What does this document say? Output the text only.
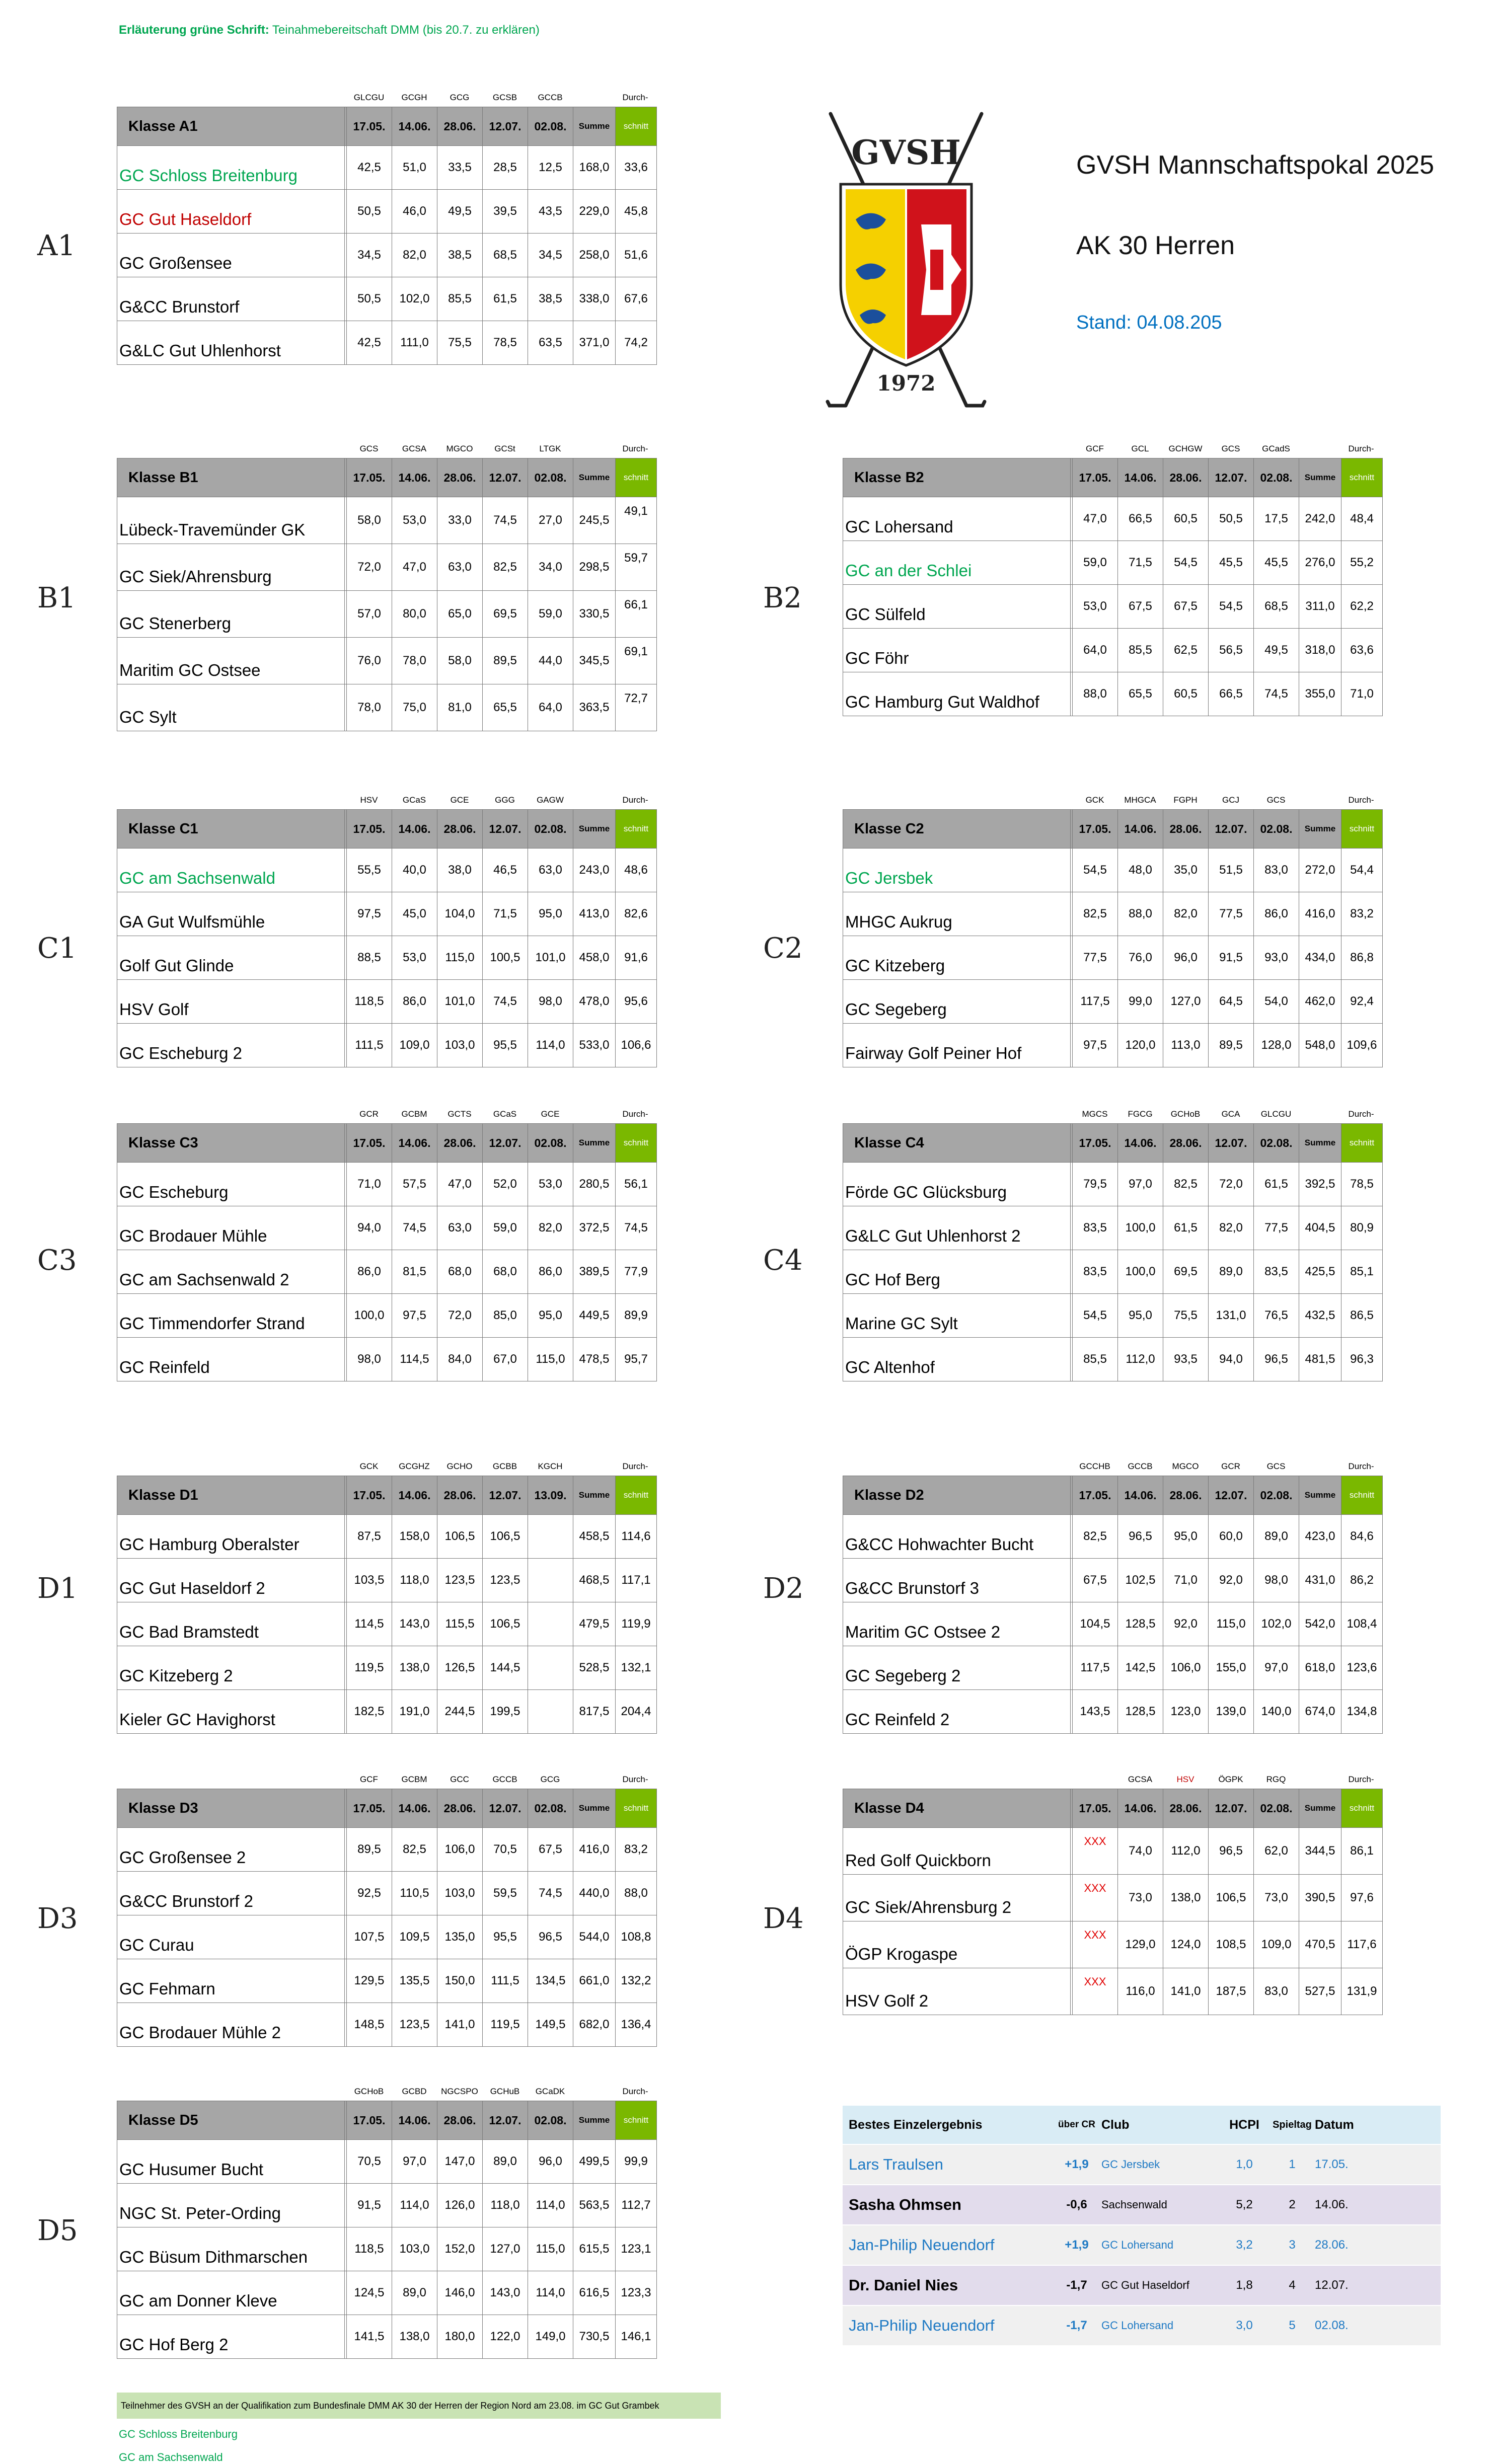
Erläuterung grüne Schrift: Teinahmebereitschaft DMM (bis 20.7. zu erklären)
GVSH
1972
GVSH Mannschaftspokal 2025
AK 30 Herren
Stand: 04.08.205
A1
B1	B2
C1	C2
C3	C4
D1	D2
D3	D4
D5
GLCGU	GCGH	GCG	GCSB	GCCB	Durch-
Klasse A1		17.05.	14.06.	28.06.	12.07.	02.08.	Summe	schnitt
GC Schloss Breitenburg		42,5	51,0	33,5	28,5	12,5	168,0	33,6
GC Gut Haseldorf		50,5	46,0	49,5	39,5	43,5	229,0	45,8
GC Großensee		34,5	82,0	38,5	68,5	34,5	258,0	51,6
G&CC Brunstorf		50,5	102,0	85,5	61,5	38,5	338,0	67,6
G&LC Gut Uhlenhorst		42,5	111,0	75,5	78,5	63,5	371,0	74,2
GCS	GCSA	MGCO	GCSt	LTGK	Durch-
Klasse B1		17.05.	14.06.	28.06.	12.07.	02.08.	Summe	schnitt
Lübeck-Travemünder GK		58,0	53,0	33,0	74,5	27,0	245,5	49,1
GC Siek/Ahrensburg		72,0	47,0	63,0	82,5	34,0	298,5	59,7
GC Stenerberg		57,0	80,0	65,0	69,5	59,0	330,5	66,1
Maritim GC Ostsee		76,0	78,0	58,0	89,5	44,0	345,5	69,1
GC Sylt		78,0	75,0	81,0	65,5	64,0	363,5	72,7
GCF	GCL	GCHGW	GCS	GCadS	Durch-
Klasse B2		17.05.	14.06.	28.06.	12.07.	02.08.	Summe	schnitt
GC Lohersand		47,0	66,5	60,5	50,5	17,5	242,0	48,4
GC an der Schlei		59,0	71,5	54,5	45,5	45,5	276,0	55,2
GC Sülfeld		53,0	67,5	67,5	54,5	68,5	311,0	62,2
GC Föhr		64,0	85,5	62,5	56,5	49,5	318,0	63,6
GC Hamburg Gut Waldhof		88,0	65,5	60,5	66,5	74,5	355,0	71,0
HSV	GCaS	GCE	GGG	GAGW	Durch-
Klasse C1		17.05.	14.06.	28.06.	12.07.	02.08.	Summe	schnitt
GC am Sachsenwald		55,5	40,0	38,0	46,5	63,0	243,0	48,6
GA Gut Wulfsmühle		97,5	45,0	104,0	71,5	95,0	413,0	82,6
Golf Gut Glinde		88,5	53,0	115,0	100,5	101,0	458,0	91,6
HSV Golf		118,5	86,0	101,0	74,5	98,0	478,0	95,6
GC Escheburg 2		111,5	109,0	103,0	95,5	114,0	533,0	106,6
GCK	MHGCA	FGPH	GCJ	GCS	Durch-
Klasse C2		17.05.	14.06.	28.06.	12.07.	02.08.	Summe	schnitt
GC Jersbek		54,5	48,0	35,0	51,5	83,0	272,0	54,4
MHGC Aukrug		82,5	88,0	82,0	77,5	86,0	416,0	83,2
GC Kitzeberg		77,5	76,0	96,0	91,5	93,0	434,0	86,8
GC Segeberg		117,5	99,0	127,0	64,5	54,0	462,0	92,4
Fairway Golf Peiner Hof		97,5	120,0	113,0	89,5	128,0	548,0	109,6
GCR	GCBM	GCTS	GCaS	GCE	Durch-
Klasse C3		17.05.	14.06.	28.06.	12.07.	02.08.	Summe	schnitt
GC Escheburg		71,0	57,5	47,0	52,0	53,0	280,5	56,1
GC Brodauer Mühle		94,0	74,5	63,0	59,0	82,0	372,5	74,5
GC am Sachsenwald 2		86,0	81,5	68,0	68,0	86,0	389,5	77,9
GC Timmendorfer Strand		100,0	97,5	72,0	85,0	95,0	449,5	89,9
GC Reinfeld		98,0	114,5	84,0	67,0	115,0	478,5	95,7
MGCS	FGCG	GCHoB	GCA	GLCGU	Durch-
Klasse C4		17.05.	14.06.	28.06.	12.07.	02.08.	Summe	schnitt
Förde GC Glücksburg		79,5	97,0	82,5	72,0	61,5	392,5	78,5
G&LC Gut Uhlenhorst 2		83,5	100,0	61,5	82,0	77,5	404,5	80,9
GC Hof Berg		83,5	100,0	69,5	89,0	83,5	425,5	85,1
Marine GC Sylt		54,5	95,0	75,5	131,0	76,5	432,5	86,5
GC Altenhof		85,5	112,0	93,5	94,0	96,5	481,5	96,3
GCK	GCGHZ	GCHO	GCBB	KGCH	Durch-
Klasse D1		17.05.	14.06.	28.06.	12.07.	13.09.	Summe	schnitt
GC Hamburg Oberalster		87,5	158,0	106,5	106,5		458,5	114,6
GC Gut Haseldorf 2		103,5	118,0	123,5	123,5		468,5	117,1
GC Bad Bramstedt		114,5	143,0	115,5	106,5		479,5	119,9
GC Kitzeberg 2		119,5	138,0	126,5	144,5		528,5	132,1
Kieler GC Havighorst		182,5	191,0	244,5	199,5		817,5	204,4
GCCHB	GCCB	MGCO	GCR	GCS	Durch-
Klasse D2		17.05.	14.06.	28.06.	12.07.	02.08.	Summe	schnitt
G&CC Hohwachter Bucht		82,5	96,5	95,0	60,0	89,0	423,0	84,6
G&CC Brunstorf 3		67,5	102,5	71,0	92,0	98,0	431,0	86,2
Maritim GC Ostsee 2		104,5	128,5	92,0	115,0	102,0	542,0	108,4
GC Segeberg 2		117,5	142,5	106,0	155,0	97,0	618,0	123,6
GC Reinfeld 2		143,5	128,5	123,0	139,0	140,0	674,0	134,8
GCF	GCBM	GCC	GCCB	GCG	Durch-
Klasse D3		17.05.	14.06.	28.06.	12.07.	02.08.	Summe	schnitt
GC Großensee 2		89,5	82,5	106,0	70,5	67,5	416,0	83,2
G&CC Brunstorf 2		92,5	110,5	103,0	59,5	74,5	440,0	88,0
GC Curau		107,5	109,5	135,0	95,5	96,5	544,0	108,8
GC Fehmarn		129,5	135,5	150,0	111,5	134,5	661,0	132,2
GC Brodauer Mühle 2		148,5	123,5	141,0	119,5	149,5	682,0	136,4
GCSA	HSV	ÖGPK	RGQ	Durch-
Klasse D4		17.05.	14.06.	28.06.	12.07.	02.08.	Summe	schnitt
Red Golf Quickborn		XXX	74,0	112,0	96,5	62,0	344,5	86,1
GC Siek/Ahrensburg 2		XXX	73,0	138,0	106,5	73,0	390,5	97,6
ÖGP Krogaspe		XXX	129,0	124,0	108,5	109,0	470,5	117,6
HSV Golf 2		XXX	116,0	141,0	187,5	83,0	527,5	131,9
GCHoB	GCBD	NGCSPO	GCHuB	GCaDK	Durch-
Klasse D5		17.05.	14.06.	28.06.	12.07.	02.08.	Summe	schnitt
GC Husumer Bucht		70,5	97,0	147,0	89,0	96,0	499,5	99,9
NGC St. Peter-Ording		91,5	114,0	126,0	118,0	114,0	563,5	112,7
GC Büsum Dithmarschen		118,5	103,0	152,0	127,0	115,0	615,5	123,1
GC am Donner Kleve		124,5	89,0	146,0	143,0	114,0	616,5	123,3
GC Hof Berg 2		141,5	138,0	180,0	122,0	149,0	730,5	146,1
Bestes Einzelergebnis	über CR	Club	HCPI	Spieltag	Datum
Lars Traulsen	+1,9	GC Jersbek	1,0	1	17.05.
Sasha Ohmsen	-0,6	Sachsenwald	5,2	2	14.06.
Jan-Philip Neuendorf	+1,9	GC Lohersand	3,2	3	28.06.
Dr. Daniel Nies	-1,7	GC Gut Haseldorf	1,8	4	12.07.
Jan-Philip Neuendorf	-1,7	GC Lohersand	3,0	5	02.08.
Teilnehmer des GVSH an der Qualifikation zum Bundesfinale DMM AK 30 der Herren der Region Nord am 23.08. im GC Gut Grambek
GC Schloss Breitenburg
GC am Sachsenwald
